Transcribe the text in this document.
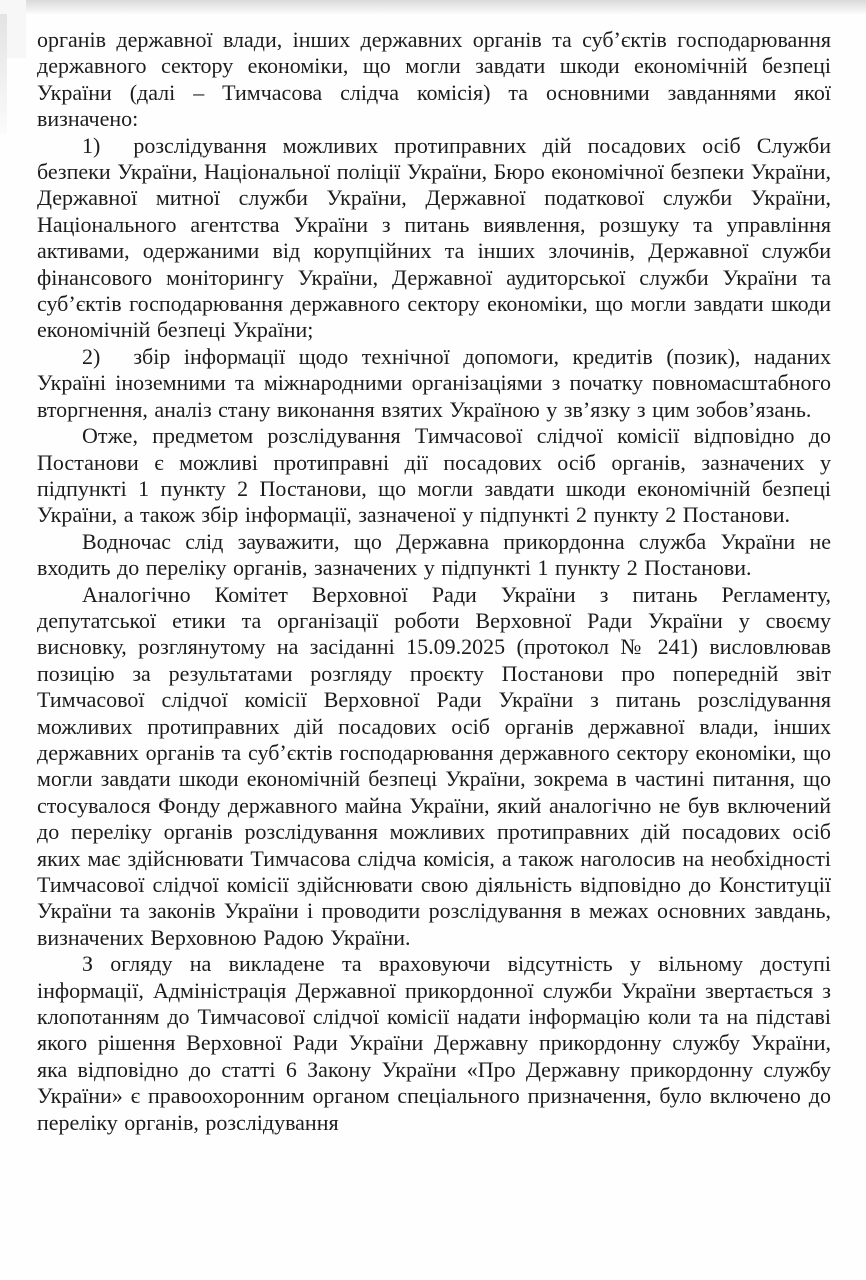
органів державної влади, інших державних органів та суб’єктів господарювання державного сектору економіки, що могли завдати шкоди економічній безпеці України (далі – Тимчасова слідча комісія) та основними завданнями якої визначено:

1)  розслідування можливих протиправних дій посадових осіб Служби безпеки України, Національної поліції України, Бюро економічної безпеки України, Державної митної служби України, Державної податкової служби України, Національного агентства України з питань виявлення, розшуку та управління активами, одержаними від корупційних та інших злочинів, Державної служби фінансового моніторингу України, Державної аудиторської служби України та суб’єктів господарювання державного сектору економіки, що могли завдати шкоди економічній безпеці України;

2)  збір інформації щодо технічної допомоги, кредитів (позик), наданих Україні іноземними та міжнародними організаціями з початку повномасштабного вторгнення, аналіз стану виконання взятих Україною у зв’язку з цим зобов’язань.

Отже, предметом розслідування Тимчасової слідчої комісії відповідно до Постанови є можливі протиправні дії посадових осіб органів, зазначених у підпункті 1 пункту 2 Постанови, що могли завдати шкоди економічній безпеці України, а також збір інформації, зазначеної у підпункті 2 пункту 2 Постанови.

Водночас слід зауважити, що Державна прикордонна служба України не входить до переліку органів, зазначених у підпункті 1 пункту 2 Постанови.

Аналогічно Комітет Верховної Ради України з питань Регламенту, депутатської етики та організації роботи Верховної Ради України у своєму висновку, розглянутому на засіданні 15.09.2025 (протокол № 241) висловлював позицію за результатами розгляду проєкту Постанови про попередній звіт Тимчасової слідчої комісії Верховної Ради України з питань розслідування можливих протиправних дій посадових осіб органів державної влади, інших державних органів та суб’єктів господарювання державного сектору економіки, що могли завдати шкоди економічній безпеці України, зокрема в частині питання, що стосувалося Фонду державного майна України, який аналогічно не був включений до переліку органів розслідування можливих протиправних дій посадових осіб яких має здійснювати Тимчасова слідча комісія, а також наголосив на необхідності Тимчасової слідчої комісії здійснювати свою діяльність відповідно до Конституції України та законів України і проводити розслідування в межах основних завдань, визначених Верховною Радою України.

З огляду на викладене та враховуючи відсутність у вільному доступі інформації, Адміністрація Державної прикордонної служби України звертається з клопотанням до Тимчасової слідчої комісії надати інформацію коли та на підставі якого рішення Верховної Ради України Державну прикордонну службу України, яка відповідно до статті 6 Закону України «Про Державну прикордонну службу України» є правоохоронним органом спеціального призначення, було включено до переліку органів, розслідування
